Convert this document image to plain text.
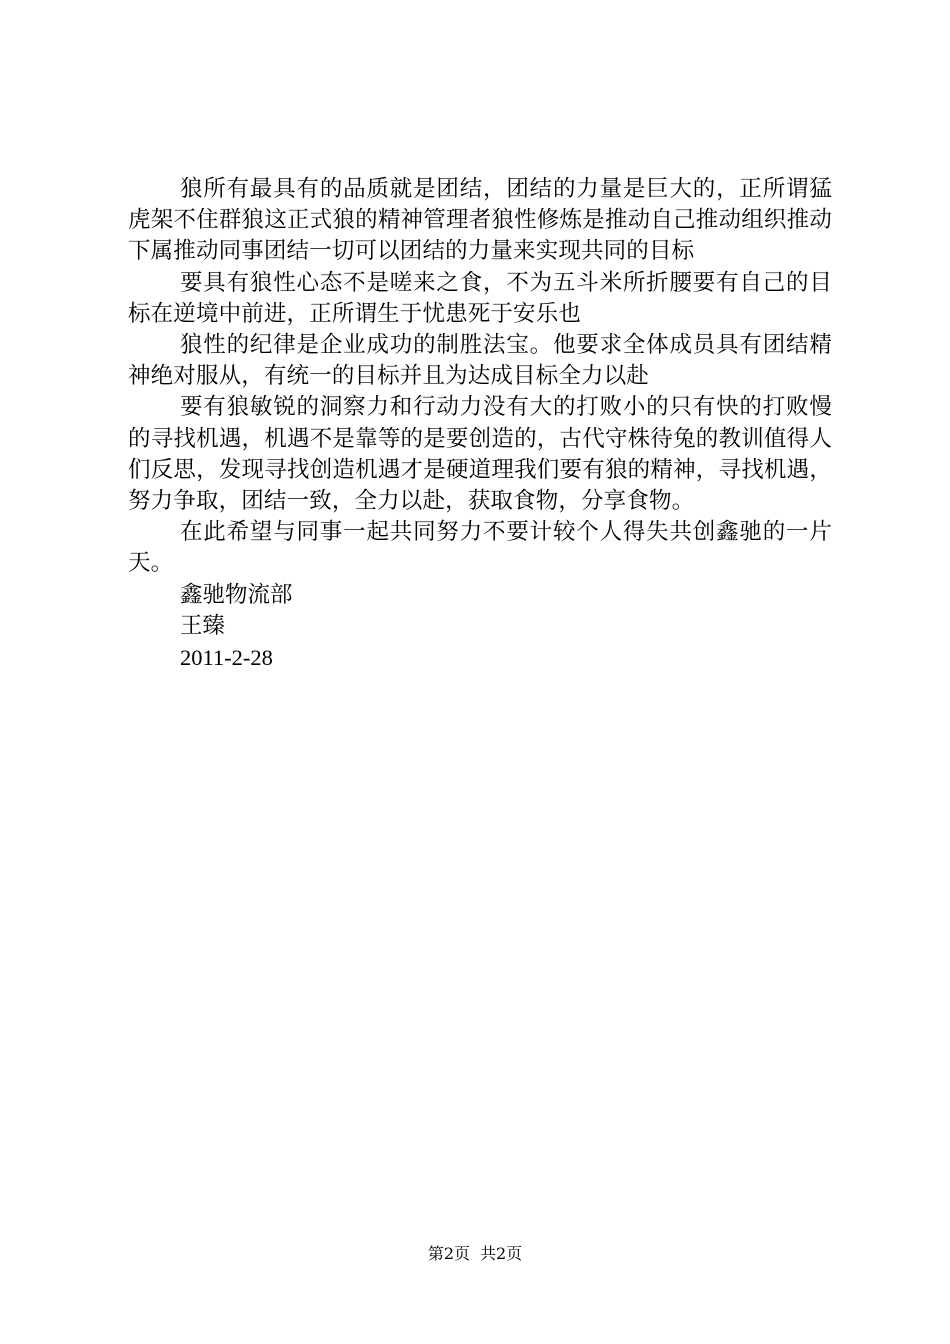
狼所有最具有的品质就是团结，团结的力量是巨大的，正所谓猛虎架不住群狼这正式狼的精神管理者狼性修炼是推动自己推动组织推动下属推动同事团结一切可以团结的力量来实现共同的目标

要具有狼性心态不是嗟来之食，不为五斗米所折腰要有自己的目标在逆境中前进，正所谓生于忧患死于安乐也

狼性的纪律是企业成功的制胜法宝。他要求全体成员具有团结精神绝对服从，有统一的目标并且为达成目标全力以赴

要有狼敏锐的洞察力和行动力没有大的打败小的只有快的打败慢的寻找机遇，机遇不是靠等的是要创造的，古代守株待兔的教训值得人们反思，发现寻找创造机遇才是硬道理我们要有狼的精神，寻找机遇，努力争取，团结一致，全力以赴，获取食物，分享食物。

在此希望与同事一起共同努力不要计较个人得失共创鑫驰的一片天。

鑫驰物流部

王臻

2011-2-28

第2页 共2页
